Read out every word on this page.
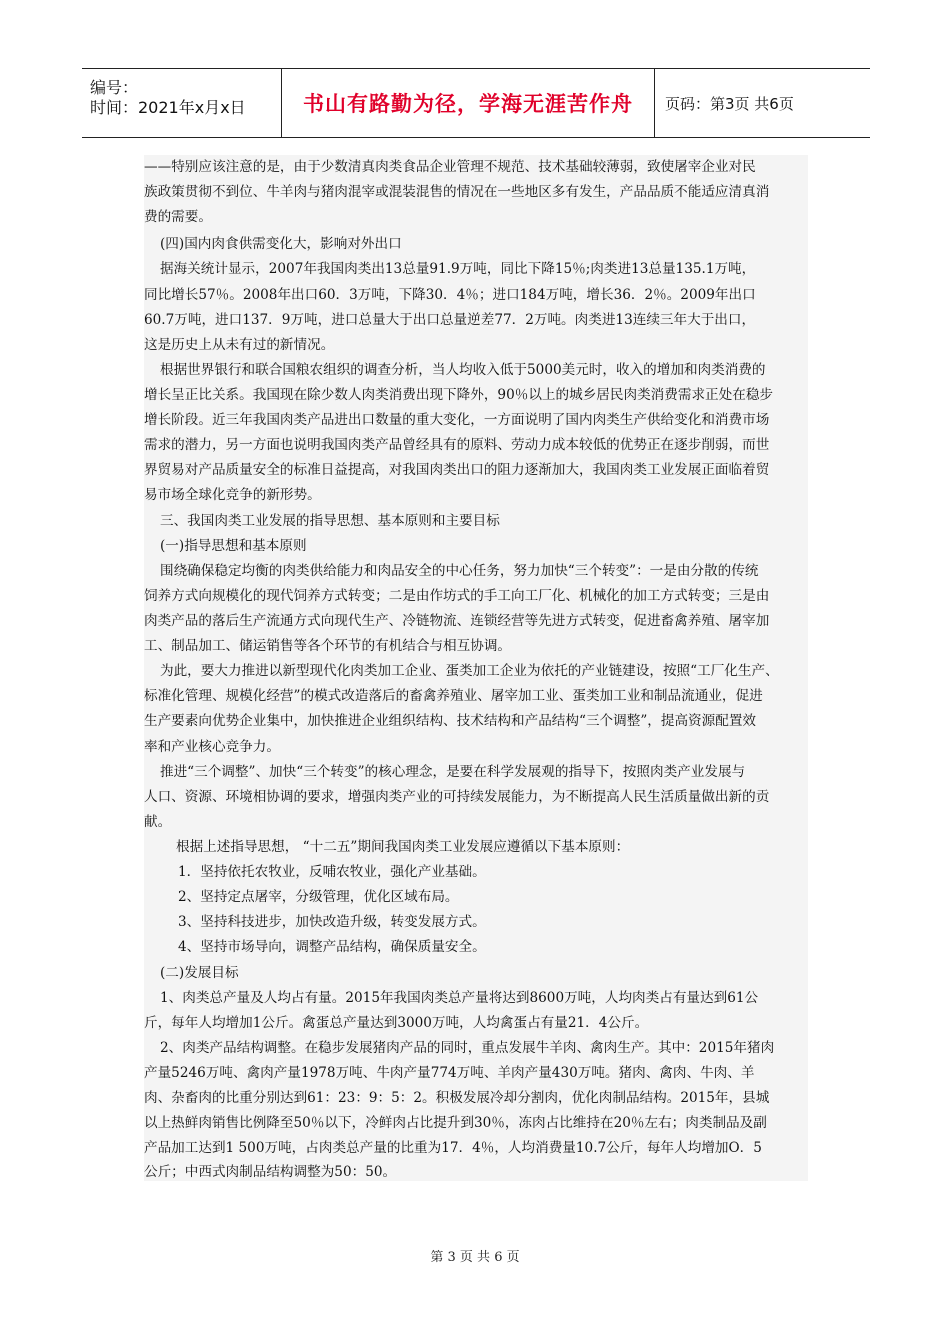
编号：
时间：2021年x月x日	书山有路勤为径，学海无涯苦作舟 页码：第3页 共6页
——特别应该注意的是，由于少数清真肉类食品企业管理不规范、技术基础较薄弱，致使屠宰企业对民
族政策贯彻不到位、牛羊肉与猪肉混宰或混装混售的情况在一些地区多有发生，产品品质不能适应清真消
费的需要。
(四)国内肉食供需变化大，影响对外出口
据海关统计显示，2007年我国肉类出13总量91.9万吨，同比下降15％;肉类进13总量135.1万吨，
同比增长57％。2008年出口60．3万吨，下降30．4％；进口184万吨，增长36．2％。2009年出口
60.7万吨，进口137．9万吨，进口总量大于出口总量逆差77．2万吨。肉类进13连续三年大于出口，
这是历史上从未有过的新情况。
根据世界银行和联合国粮农组织的调查分析，当人均收入低于5000美元时，收入的增加和肉类消费的
增长呈正比关系。我国现在除少数人肉类消费出现下降外，90％以上的城乡居民肉类消费需求正处在稳步
增长阶段。近三年我国肉类产品进出口数量的重大变化，一方面说明了国内肉类生产供给变化和消费市场
需求的潜力，另一方面也说明我国肉类产品曾经具有的原料、劳动力成本较低的优势正在逐步削弱，而世
界贸易对产品质量安全的标准日益提高，对我国肉类出口的阻力逐渐加大，我国肉类工业发展正面临着贸
易市场全球化竞争的新形势。
三、我国肉类工业发展的指导思想、基本原则和主要目标
(一)指导思想和基本原则
围绕确保稳定均衡的肉类供给能力和肉品安全的中心任务，努力加快“三个转变”：一是由分散的传统
饲养方式向规模化的现代饲养方式转变；二是由作坊式的手工向工厂化、机械化的加工方式转变；三是由
肉类产品的落后生产流通方式向现代生产、冷链物流、连锁经营等先进方式转变，促进畜禽养殖、屠宰加
工、制品加工、储运销售等各个环节的有机结合与相互协调。
为此，要大力推进以新型现代化肉类加工企业、蛋类加工企业为依托的产业链建设，按照“工厂化生产、
标准化管理、规模化经营”的模式改造落后的畜禽养殖业、屠宰加工业、蛋类加工业和制品流通业，促进
生产要素向优势企业集中，加快推进企业组织结构、技术结构和产品结构“三个调整”，提高资源配置效
率和产业核心竞争力。
推进“三个调整”、加快“三个转变”的核心理念，是要在科学发展观的指导下，按照肉类产业发展与
人口、资源、环境相协调的要求，增强肉类产业的可持续发展能力，为不断提高人民生活质量做出新的贡
献。
根据上述指导思想， “十二五”期间我国肉类工业发展应遵循以下基本原则：
1．坚持依托农牧业，反哺农牧业，强化产业基础。
2、坚持定点屠宰，分级管理，优化区域布局。
3、坚持科技进步，加快改造升级，转变发展方式。
4、坚持市场导向，调整产品结构，确保质量安全。
(二)发展目标
1、肉类总产量及人均占有量。2015年我国肉类总产量将达到8600万吨，人均肉类占有量达到61公
斤，每年人均增加1公斤。禽蛋总产量达到3000万吨，人均禽蛋占有量21．4公斤。
2、肉类产品结构调整。在稳步发展猪肉产品的同时，重点发展牛羊肉、禽肉生产。其中：2015年猪肉
产量5246万吨、禽肉产量1978万吨、牛肉产量774万吨、羊肉产量430万吨。猪肉、禽肉、牛肉、羊
肉、杂畜肉的比重分别达到61：23：9：5：2。积极发展冷却分割肉，优化肉制品结构。2015年，县城
以上热鲜肉销售比例降至50％以下，冷鲜肉占比提升到30％，冻肉占比维持在20％左右；肉类制品及副
产品加工达到1 500万吨，占肉类总产量的比重为17．4％，人均消费量10.7公斤，每年人均增加O．5
公斤；中西式肉制品结构调整为50：50。
第 3 页 共 6 页
